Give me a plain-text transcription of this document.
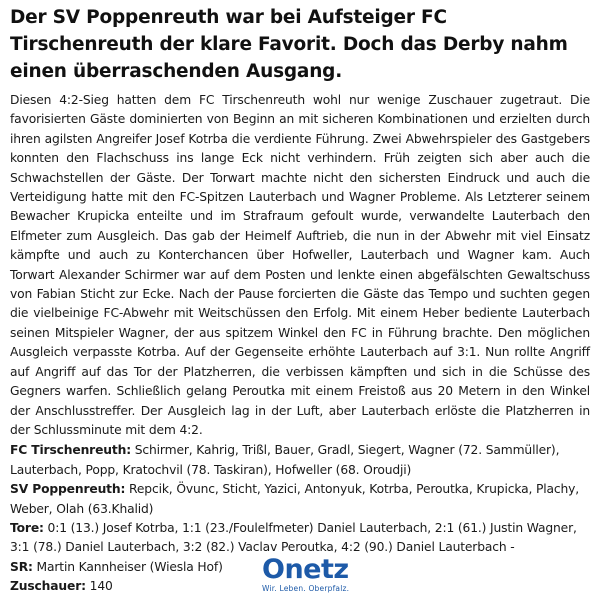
Der SV Poppenreuth war bei Aufsteiger FC Tirschenreuth der klare Favorit. Doch das Derby nahm einen überraschenden Ausgang.

Diesen 4:2-Sieg hatten dem FC Tirschenreuth wohl nur wenige Zuschauer zugetraut. Die favorisierten Gäste dominierten von Beginn an mit sicheren Kombinationen und erzielten durch ihren agilsten Angreifer Josef Kotrba die verdiente Führung. Zwei Abwehrspieler des Gastgebers konnten den Flachschuss ins lange Eck nicht verhindern. Früh zeigten sich aber auch die Schwachstellen der Gäste. Der Torwart machte nicht den sichersten Eindruck und auch die Verteidigung hatte mit den FC-Spitzen Lauterbach und Wagner Probleme. Als Letzterer seinem Bewacher Krupicka enteilte und im Strafraum gefoult wurde, verwandelte Lauterbach den Elfmeter zum Ausgleich. Das gab der Heimelf Auftrieb, die nun in der Abwehr mit viel Einsatz kämpfte und auch zu Konterchancen über Hofweller, Lauterbach und Wagner kam. Auch Torwart Alexander Schirmer war auf dem Posten und lenkte einen abgefälschten Gewaltschuss von Fabian Sticht zur Ecke. Nach der Pause forcierten die Gäste das Tempo und suchten gegen die vielbeinige FC-Abwehr mit Weitschüssen den Erfolg. Mit einem Heber bediente Lauterbach seinen Mitspieler Wagner, der aus spitzem Winkel den FC in Führung brachte. Den möglichen Ausgleich verpasste Kotrba. Auf der Gegenseite erhöhte Lauterbach auf 3:1. Nun rollte Angriff auf Angriff auf das Tor der Platzherren, die verbissen kämpften und sich in die Schüsse des Gegners warfen. Schließlich gelang Peroutka mit einem Freistoß aus 20 Metern in den Winkel der Anschlusstreffer. Der Ausgleich lag in der Luft, aber Lauterbach erlöste die Platzherren in der Schlussminute mit dem 4:2.

FC Tirschenreuth: Schirmer, Kahrig, Trißl, Bauer, Gradl, Siegert, Wagner (72. Sammüller), Lauterbach, Popp, Kratochvil (78. Taskiran), Hofweller (68. Oroudji)

SV Poppenreuth: Repcik, Övunc, Sticht, Yazici, Antonyuk, Kotrba, Peroutka, Krupicka, Plachy, Weber, Olah (63.Khalid)

Tore: 0:1 (13.) Josef Kotrba, 1:1 (23./Foulelfmeter) Daniel Lauterbach, 2:1 (61.) Justin Wagner, 3:1 (78.) Daniel Lauterbach, 3:2 (82.) Vaclav Peroutka, 4:2 (90.) Daniel Lauterbach -

SR: Martin Kannheiser (Wiesla Hof)

Zuschauer: 140

Onetz
Wir. Leben. Oberpfalz.
